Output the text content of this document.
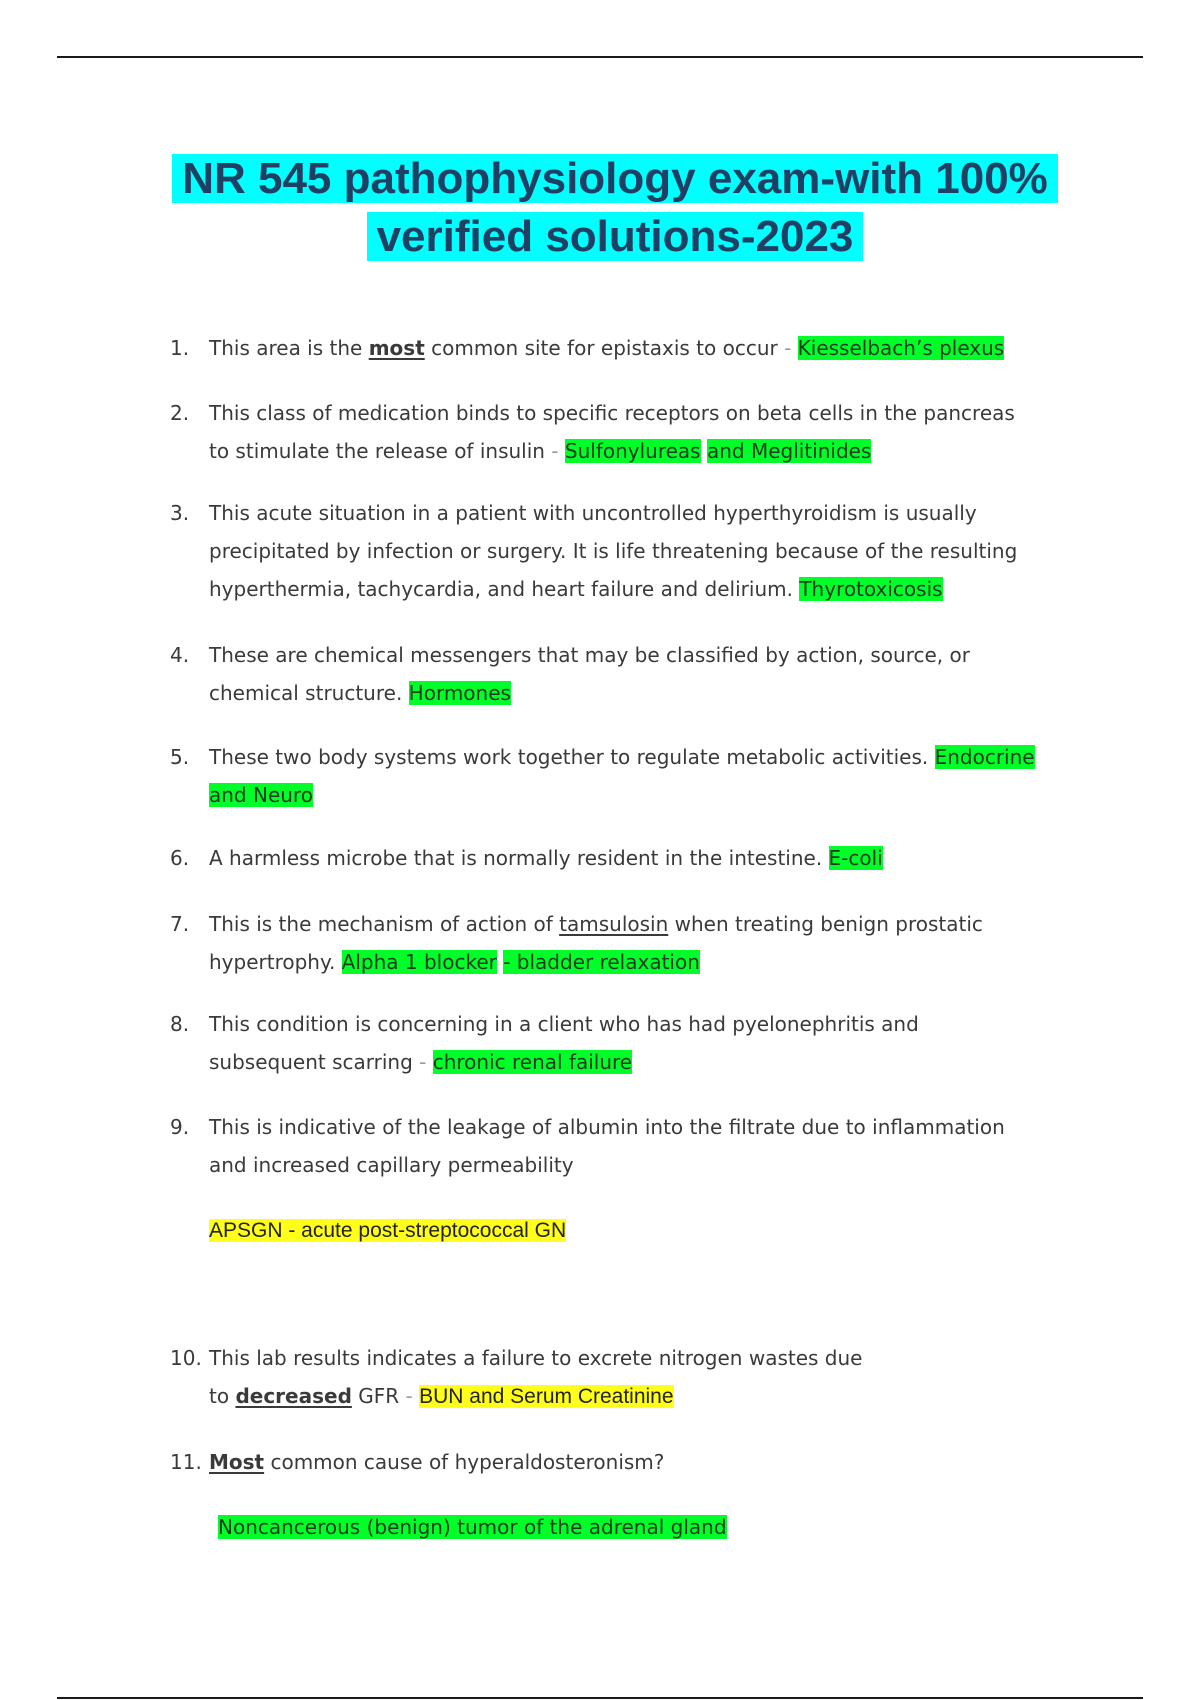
NR 545 pathophysiology exam-with 100%
verified solutions-2023
1. This area is the most common site for epistaxis to occur - Kiesselbach’s plexus
2. This class of medication binds to specific receptors on beta cells in the pancreas
to stimulate the release of insulin - Sulfonylureas and Meglitinides
3. This acute situation in a patient with uncontrolled hyperthyroidism is usually
precipitated by infection or surgery. It is life threatening because of the resulting
hyperthermia, tachycardia, and heart failure and delirium. Thyrotoxicosis
4. These are chemical messengers that may be classified by action, source, or
chemical structure. Hormones
5. These two body systems work together to regulate metabolic activities. Endocrine
and Neuro
6. A harmless microbe that is normally resident in the intestine. E-coli
7. This is the mechanism of action of tamsulosin when treating benign prostatic
hypertrophy. Alpha 1 blocker - bladder relaxation
8. This condition is concerning in a client who has had pyelonephritis and
subsequent scarring - chronic renal failure
9. This is indicative of the leakage of albumin into the filtrate due to inflammation
and increased capillary permeability
APSGN - acute post-streptococcal GN
10. This lab results indicates a failure to excrete nitrogen wastes due
to decreased GFR - BUN and Serum Creatinine
11. Most common cause of hyperaldosteronism?
Noncancerous (benign) tumor of the adrenal gland
